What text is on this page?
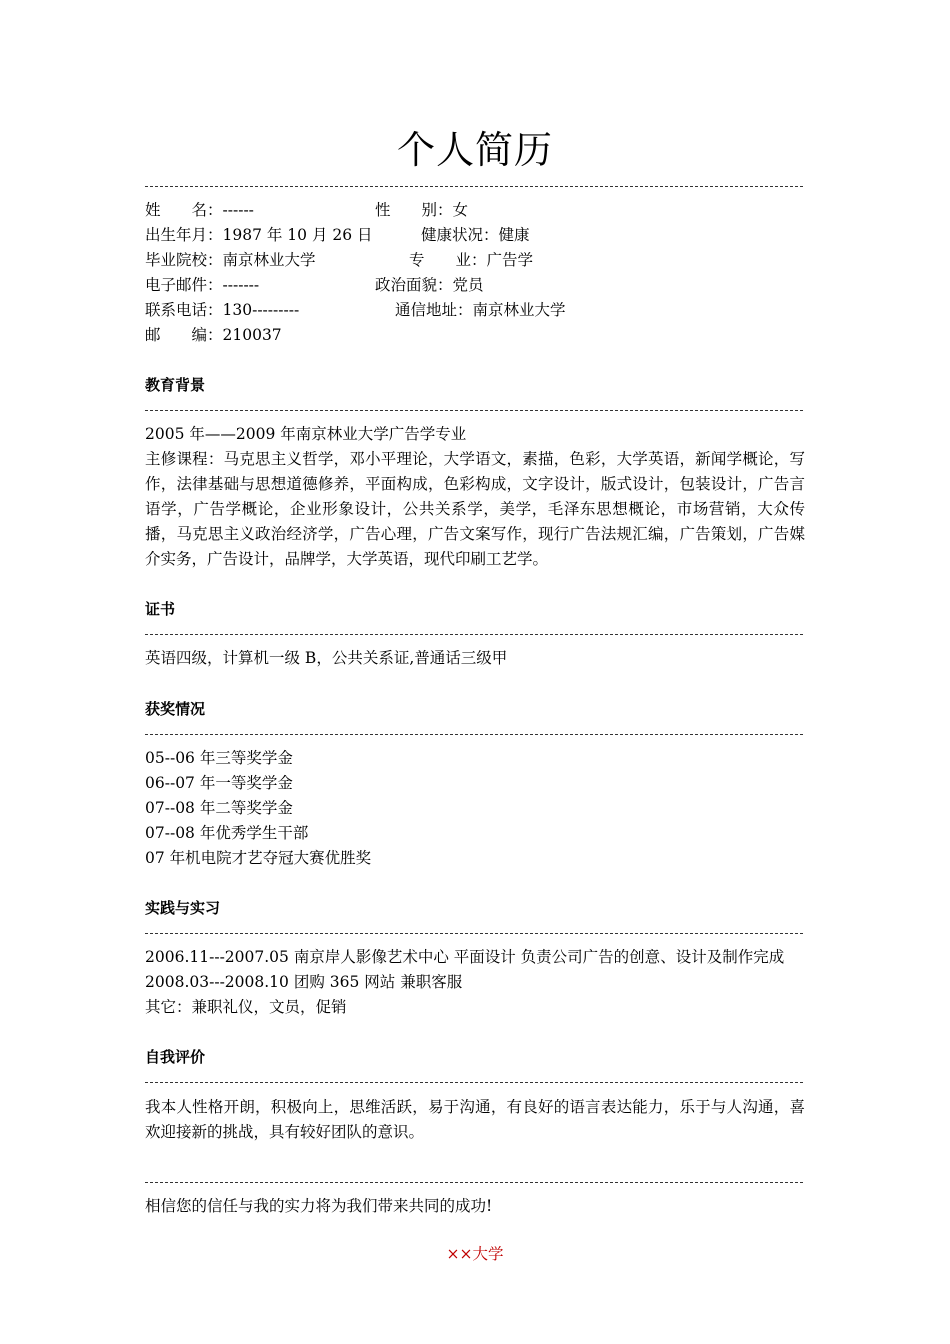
个人简历
姓　　名：------	性　　别：女
出生年月：1987 年 10 月 26 日	健康状况：健康
毕业院校：南京林业大学	专　　业：广告学
电子邮件：-------	政治面貌：党员
联系电话：130---------	通信地址：南京林业大学
邮　　编：210037
教育背景
2005 年——2009 年南京林业大学广告学专业
主修课程：马克思主义哲学，邓小平理论，大学语文，素描，色彩，大学英语，新闻学概论，写作，法律基础与思想道德修养，平面构成，色彩构成，文字设计，版式设计，包装设计，广告言语学，广告学概论，企业形象设计，公共关系学，美学，毛泽东思想概论，市场营销，大众传播，马克思主义政治经济学，广告心理，广告文案写作，现行广告法规汇编，广告策划，广告媒介实务，广告设计，品牌学，大学英语，现代印刷工艺学。
证书
英语四级，计算机一级 B，公共关系证,普通话三级甲
获奖情况
05--06 年三等奖学金
06--07 年一等奖学金
07--08 年二等奖学金
07--08 年优秀学生干部
07 年机电院才艺夺冠大赛优胜奖
实践与实习
2006.11---2007.05 南京岸人影像艺术中心 平面设计 负责公司广告的创意、设计及制作完成
2008.03---2008.10 团购 365 网站 兼职客服
其它：兼职礼仪，文员，促销
自我评价
我本人性格开朗，积极向上，思维活跃，易于沟通，有良好的语言表达能力，乐于与人沟通，喜欢迎接新的挑战，具有较好团队的意识。
相信您的信任与我的实力将为我们带来共同的成功!
××大学
